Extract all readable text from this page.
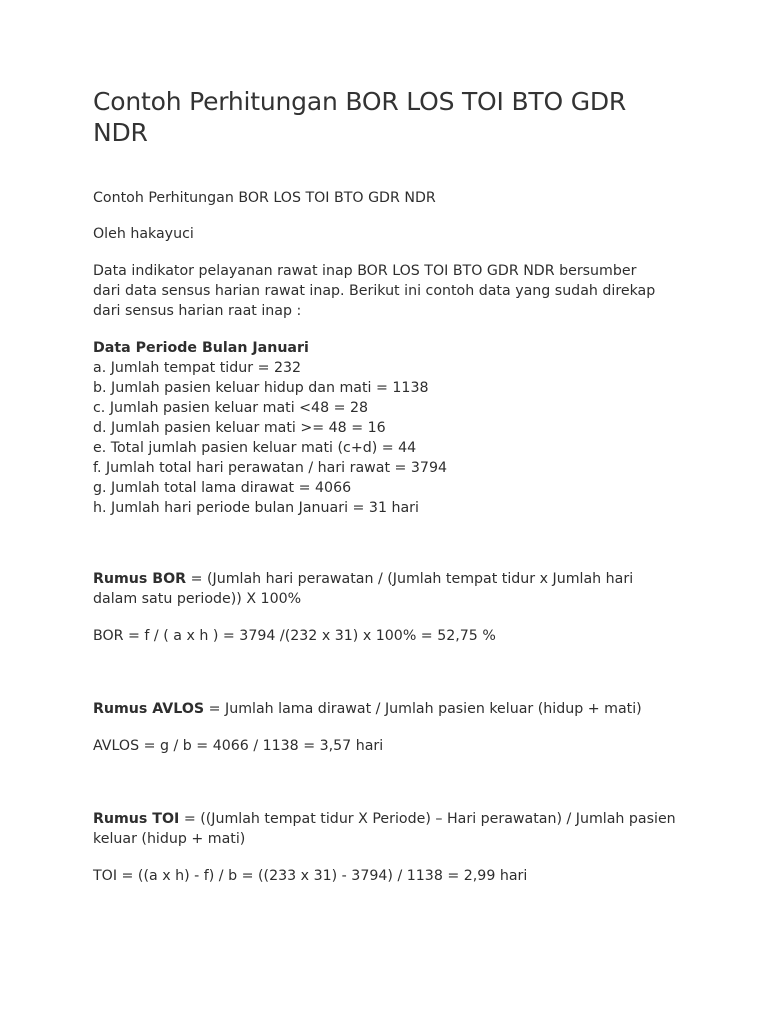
Contoh Perhitungan BOR LOS TOI BTO GDR NDR

Contoh Perhitungan BOR LOS TOI BTO GDR NDR

Oleh hakayuci

Data indikator pelayanan rawat inap BOR LOS TOI BTO GDR NDR bersumber dari data sensus harian rawat inap. Berikut ini contoh data yang sudah direkap dari sensus harian raat inap :

Data Periode Bulan Januari

a. Jumlah tempat tidur = 232
b. Jumlah pasien keluar hidup dan mati = 1138
c. Jumlah pasien keluar mati <48 = 28
d. Jumlah pasien keluar mati >= 48 = 16
e. Total jumlah pasien keluar mati (c+d) = 44
f. Jumlah total hari perawatan / hari rawat = 3794
g. Jumlah total lama dirawat = 4066
h. Jumlah hari periode bulan Januari = 31 hari

Rumus BOR = (Jumlah hari perawatan / (Jumlah tempat tidur x Jumlah hari dalam satu periode)) X 100%

BOR = f / ( a x h ) = 3794 /(232 x 31) x 100% = 52,75 %

Rumus AVLOS = Jumlah lama dirawat / Jumlah pasien keluar (hidup + mati)

AVLOS = g / b = 4066 / 1138 = 3,57 hari

Rumus TOI = ((Jumlah tempat tidur X Periode) – Hari perawatan) / Jumlah pasien keluar (hidup + mati)

TOI = ((a x h) - f) / b = ((233 x 31) - 3794) / 1138 = 2,99 hari
